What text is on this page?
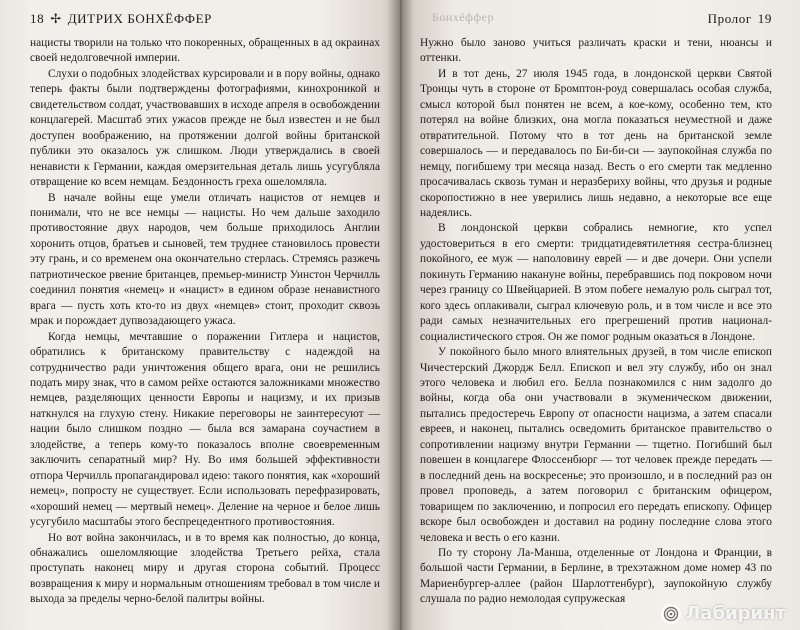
18 ✢ ДИТРИХ БОНХЁФФЕР

нацисты творили на только что покоренных, обращенных в ад окраинах своей недолговечной империи.

Слухи о подобных злодействах курсировали и в пору войны, однако теперь факты были подтверждены фотографиями, кинохроникой и свидетельством солдат, участвовавших в исходе апреля в освобождении концлагерей. Масштаб этих ужасов прежде не был известен и не был доступен воображению, на протяжении долгой войны британской публики это оказалось уж слишком. Люди утверждались в своей ненависти к Германии, каждая омерзительная деталь лишь усугубляла отвращение ко всем немцам. Бездонность греха ошеломляла.

В начале войны еще умели отличать нацистов от немцев и понимали, что не все немцы — нацисты. Но чем дальше заходило противостояние двух народов, чем больше приходилось Англии хоронить отцов, братьев и сыновей, тем труднее становилось провести эту грань, и со временем она окончательно стерлась. Стремясь разжечь патриотическое рвение британцев, премьер-министр Уинстон Черчилль соединил понятия «немец» и «нацист» в едином образе ненавистного врага — пусть хоть кто-то из двух «немцев» стоит, проходит сквозь мрак и порождает дупвозадающего ужаса.

Когда немцы, мечтавшие о поражении Гитлера и нацистов, обратились к британскому правительству с надеждой на сотрудничество ради уничтожения общего врага, они не решились подать миру знак, что в самом рейхе остаются заложниками множество немцев, разделяющих ценности Европы и нацизму, и их призыв наткнулся на глухую стену. Никакие переговоры не заинтересуют — нации было слишком поздно — была вся замарана соучастием в злодействе, а теперь кому-то показалось вполне своевременным заключить сепаратный мир? Ну. Во имя большей эффективности отпора Черчилль пропагандировал идею: такого понятия, как «хороший немец», попросту не существует. Если использовать перефразировать, «хороший немец — мертвый немец». Деление на черное и белое лишь усугубило масштабы этого беспрецедентного противостояния.

Но вот война закончилась, и в то время как полностью, до конца, обнажались ошеломляющие злодейства Третьего рейха, стала проступать наконец миру и другая сторона событий. Процесс возвращения к миру и нормальным отношениям требовал в том числе и выхода за пределы черно-белой палитры войны.

Бонхёффер	Пролог 19

Нужно было заново учиться различать краски и тени, нюансы и оттенки.

И в тот день, 27 июля 1945 года, в лондонской церкви Святой Троицы чуть в стороне от Бромптон-роуд совершалась особая служба, смысл которой был понятен не всем, а кое-кому, особенно тем, кто потерял на войне близких, она могла показаться неуместной и даже отвратительной. Потому что в тот день на британской земле совершалось — и передавалось по Би-би-си — заупокойная служба по немцу, погибшему три месяца назад. Весть о его смерти так медленно просачивалась сквозь туман и неразбериху войны, что друзья и родные скоропостижно в нее уверились лишь недавно, а некоторые все еще надеялись.

В лондонской церкви собрались немногие, кто успел удостовериться в его смерти: тридцатидевятилетняя сестра-близнец покойного, ее муж — наполовину еврей — и две дочери. Они успели покинуть Германию накануне войны, перебравшись под покровом ночи через границу со Швейцарией. В этом побеге немалую роль сыграл тот, кого здесь оплакивали, сыграл ключевую роль, и в том числе и все это ради самых незначительных его прегрешений против национал-социалистического строя. Он же помог родным оказаться в Лондоне.

У покойного было много влиятельных друзей, в том числе епископ Чичестерский Джордж Белл. Епископ и вел эту службу, ибо он знал этого человека и любил его. Белла познакомился с ним задолго до войны, когда оба они участвовали в экуменическом движении, пытались предостеречь Европу от опасности нацизма, а затем спасали евреев, и наконец, пытались осведомить британское правительство о сопротивлении нацизму внутри Германии — тщетно. Погибший был повешен в концлагере Флоссенбюрг — тот человек прежде передать — в последний день на воскресенье; это произошло, и в последний раз он провел проповедь, а затем поговорил с британским офицером, товарищем по заключению, и попросил его передать епископу. Офицер вскоре был освобожден и доставил на родину последние слова этого человека и весть о его казни.

По ту сторону Ла-Манша, отделенные от Лондона и Франции, в большой части Германии, в Берлине, в трехэтажном доме номер 43 по Мариенбургер-аллее (район Шарлоттенбург), заупокойную службу слушала по радио немолодая супружеская

Лабиринт
